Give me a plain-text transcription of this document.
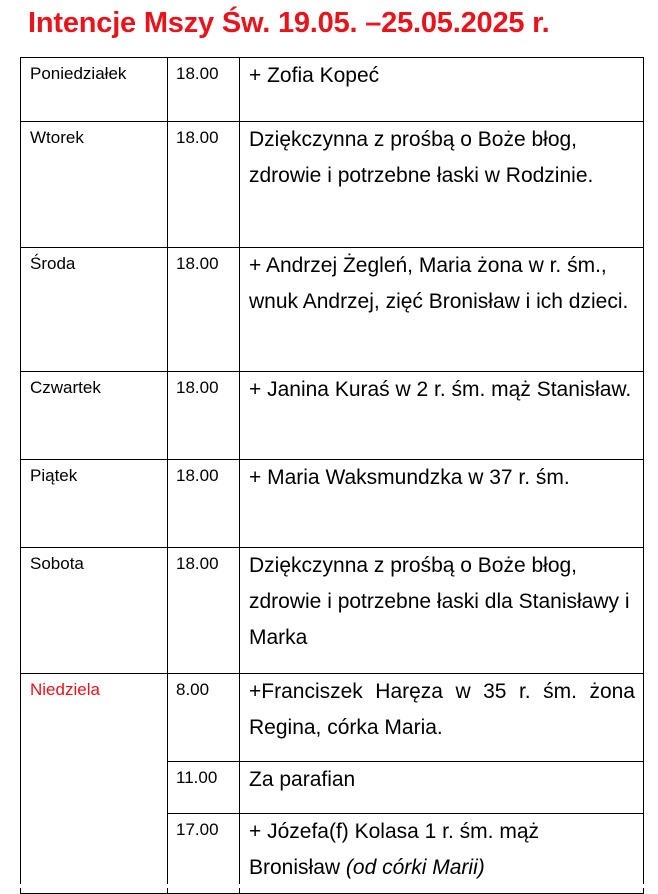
Intencje Mszy Św. 19.05. –25.05.2025 r.
Poniedziałek	18.00	+ Zofia Kopeć
Wtorek	18.00	Dziękczynna z prośbą o Boże błog, zdrowie i potrzebne łaski w Rodzinie.
Środa	18.00	+ Andrzej Żegleń, Maria żona w r. śm., wnuk Andrzej, zięć Bronisław i ich dzieci.
Czwartek	18.00	+ Janina Kuraś w 2 r. śm. mąż Stanisław.
Piątek	18.00	+ Maria Waksmundzka w 37 r. śm.
Sobota	18.00	Dziękczynna z prośbą o Boże błog, zdrowie i potrzebne łaski dla Stanisławy i Marka
Niedziela	8.00	+Franciszek Haręza w 35 r. śm. żona Regina, córka Maria.
	11.00	Za parafian
	17.00	+ Józefa(f) Kolasa 1 r. śm. mąż Bronisław (od córki Marii)
